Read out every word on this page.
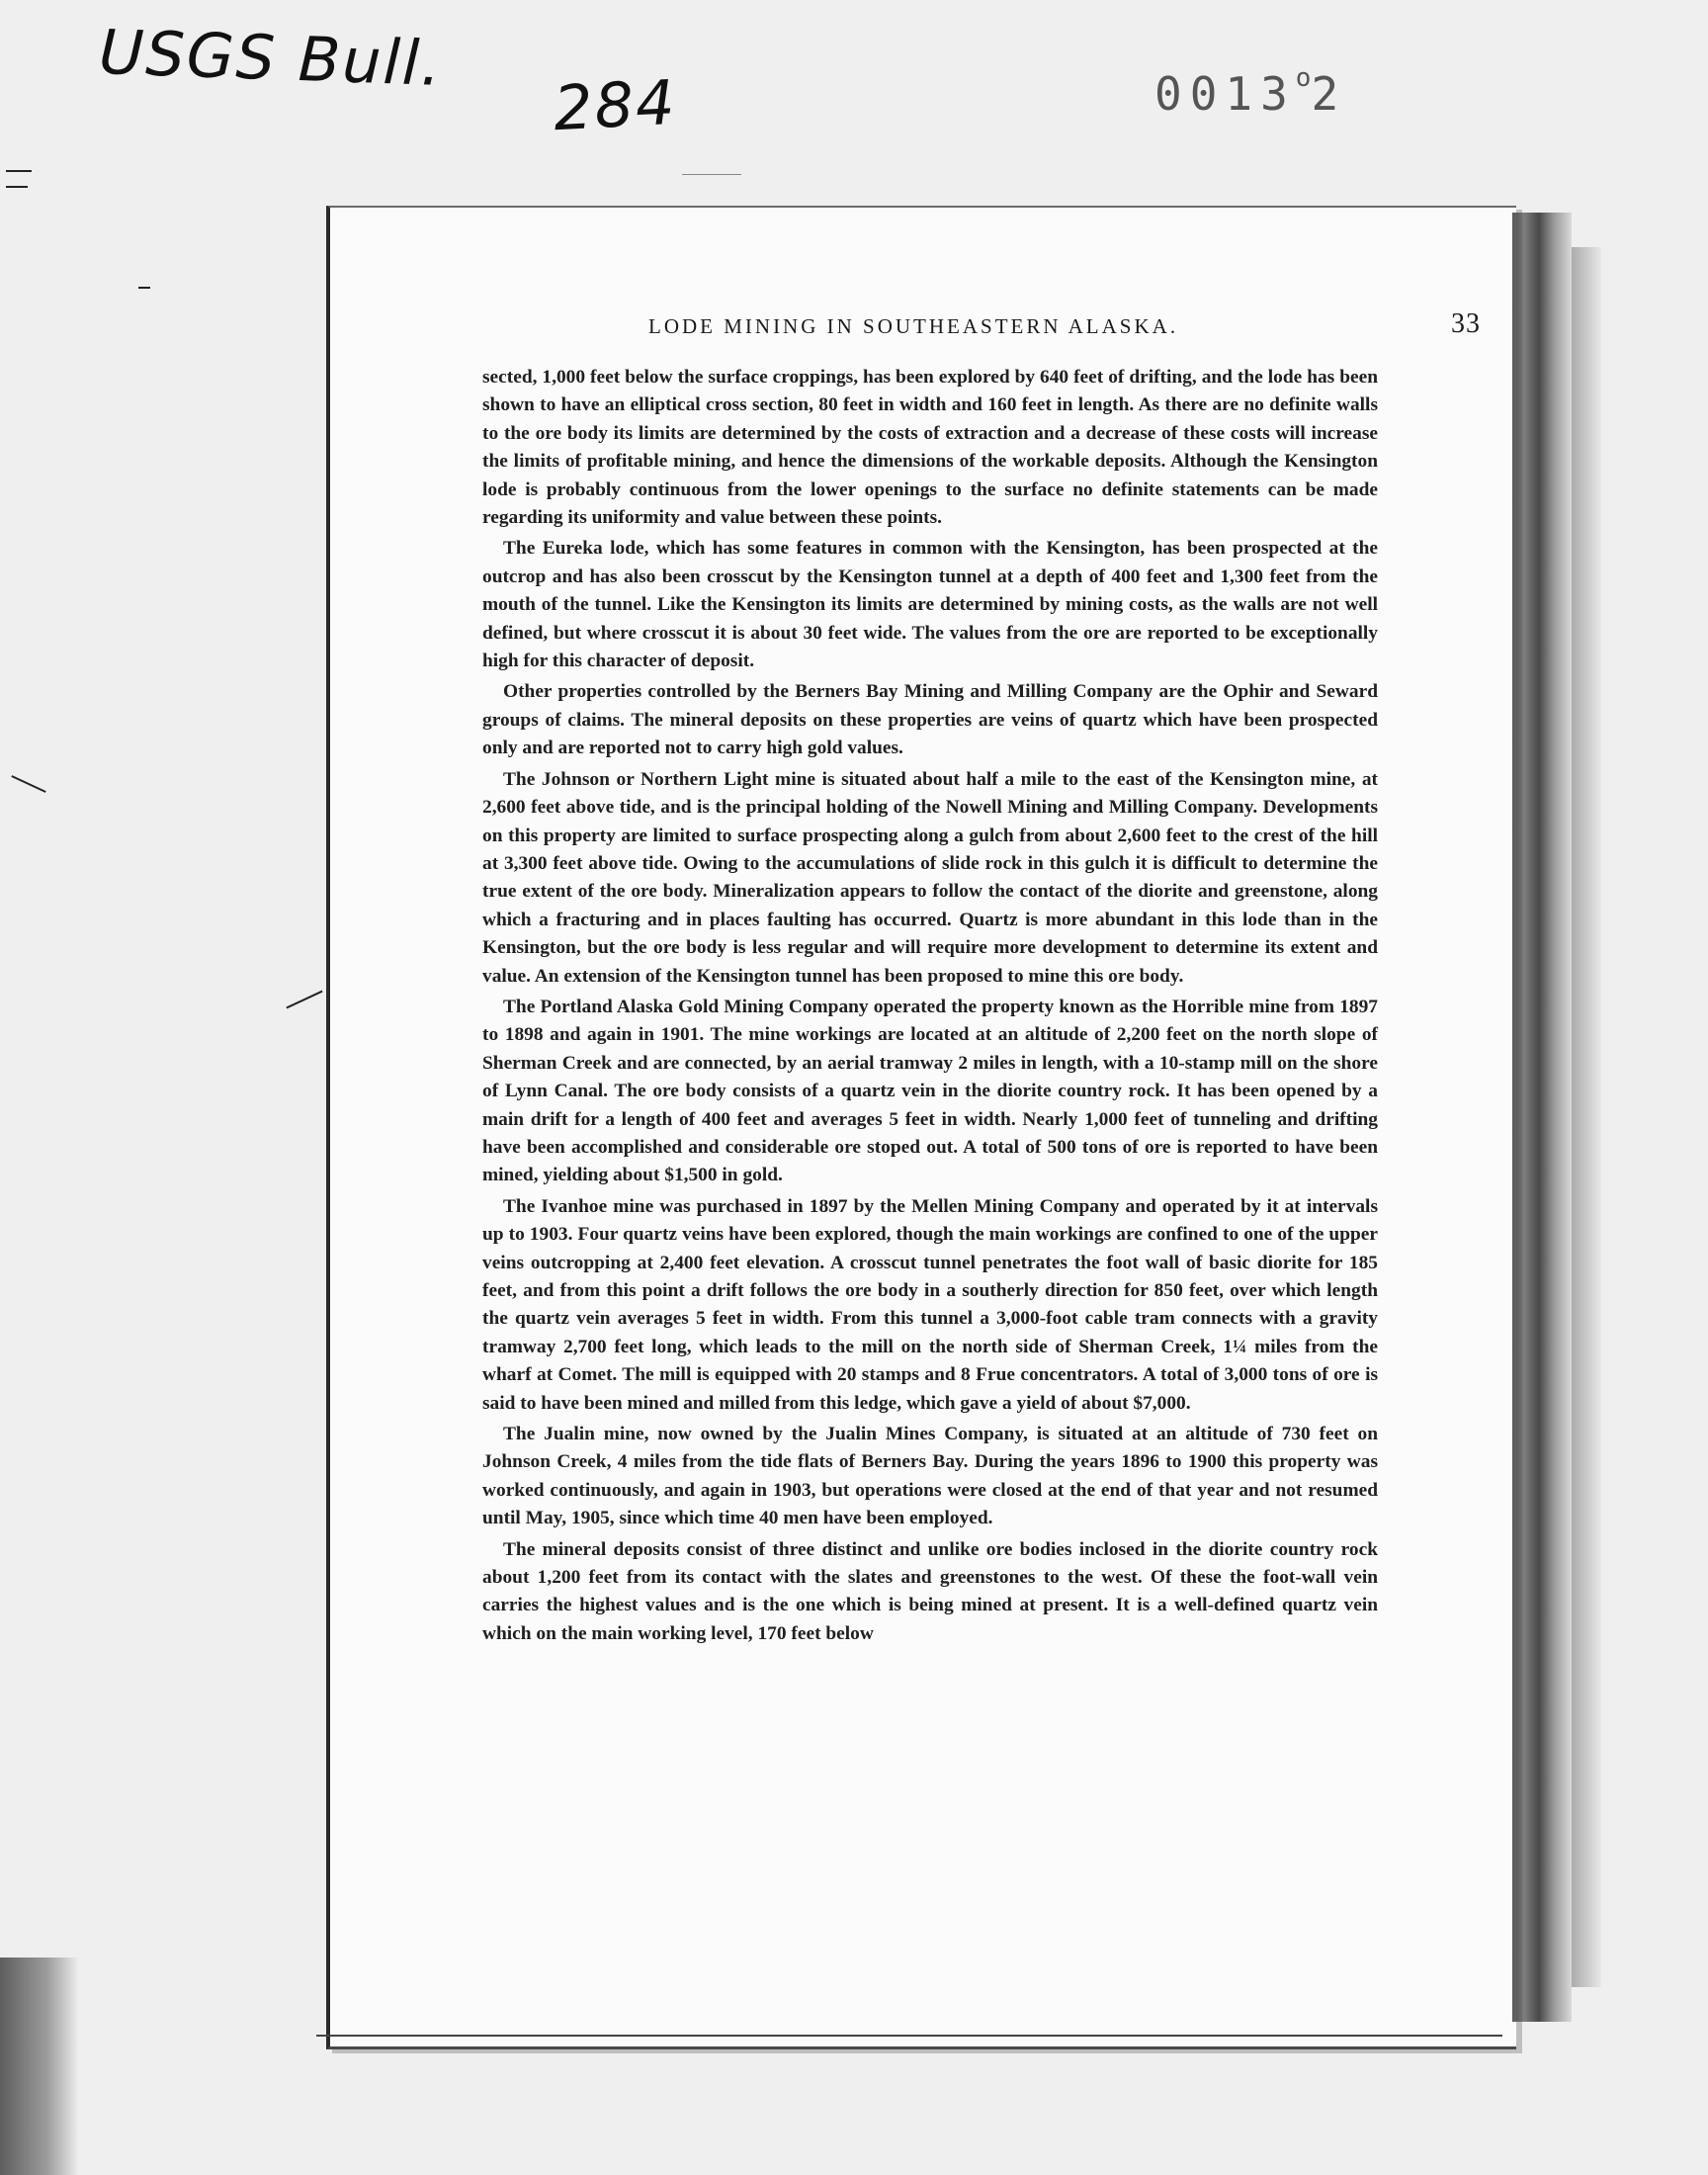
USGS Bull.
284	0013$^o$2
LODE MINING IN SOUTHEASTERN ALASKA.	33

sected, 1,000 feet below the surface croppings, has been explored by 640 feet of drifting, and the lode has been shown to have an elliptical cross section, 80 feet in width and 160 feet in length. As there are no definite walls to the ore body its limits are determined by the costs of extraction and a decrease of these costs will increase the limits of profitable mining, and hence the dimensions of the workable deposits. Although the Kensington lode is probably continuous from the lower openings to the surface no definite statements can be made regarding its uniformity and value between these points.

The Eureka lode, which has some features in common with the Kensington, has been prospected at the outcrop and has also been crosscut by the Kensington tunnel at a depth of 400 feet and 1,300 feet from the mouth of the tunnel. Like the Kensington its limits are determined by mining costs, as the walls are not well defined, but where crosscut it is about 30 feet wide. The values from the ore are reported to be exceptionally high for this character of deposit.

Other properties controlled by the Berners Bay Mining and Milling Company are the Ophir and Seward groups of claims. The mineral deposits on these properties are veins of quartz which have been prospected only and are reported not to carry high gold values.

The Johnson or Northern Light mine is situated about half a mile to the east of the Kensington mine, at 2,600 feet above tide, and is the principal holding of the Nowell Mining and Milling Company. Developments on this property are limited to surface prospecting along a gulch from about 2,600 feet to the crest of the hill at 3,300 feet above tide. Owing to the accumulations of slide rock in this gulch it is difficult to determine the true extent of the ore body. Mineralization appears to follow the contact of the diorite and greenstone, along which a fracturing and in places faulting has occurred. Quartz is more abundant in this lode than in the Kensington, but the ore body is less regular and will require more development to determine its extent and value. An extension of the Kensington tunnel has been proposed to mine this ore body.

The Portland Alaska Gold Mining Company operated the property known as the Horrible mine from 1897 to 1898 and again in 1901. The mine workings are located at an altitude of 2,200 feet on the north slope of Sherman Creek and are connected, by an aerial tramway 2 miles in length, with a 10-stamp mill on the shore of Lynn Canal. The ore body consists of a quartz vein in the diorite country rock. It has been opened by a main drift for a length of 400 feet and averages 5 feet in width. Nearly 1,000 feet of tunneling and drifting have been accomplished and considerable ore stoped out. A total of 500 tons of ore is reported to have been mined, yielding about $1,500 in gold.

The Ivanhoe mine was purchased in 1897 by the Mellen Mining Company and operated by it at intervals up to 1903. Four quartz veins have been explored, though the main workings are confined to one of the upper veins outcropping at 2,400 feet elevation. A crosscut tunnel penetrates the foot wall of basic diorite for 185 feet, and from this point a drift follows the ore body in a southerly direction for 850 feet, over which length the quartz vein averages 5 feet in width. From this tunnel a 3,000-foot cable tram connects with a gravity tramway 2,700 feet long, which leads to the mill on the north side of Sherman Creek, 1¼ miles from the wharf at Comet. The mill is equipped with 20 stamps and 8 Frue concentrators. A total of 3,000 tons of ore is said to have been mined and milled from this ledge, which gave a yield of about $7,000.

The Jualin mine, now owned by the Jualin Mines Company, is situated at an altitude of 730 feet on Johnson Creek, 4 miles from the tide flats of Berners Bay. During the years 1896 to 1900 this property was worked continuously, and again in 1903, but operations were closed at the end of that year and not resumed until May, 1905, since which time 40 men have been employed.

The mineral deposits consist of three distinct and unlike ore bodies inclosed in the diorite country rock about 1,200 feet from its contact with the slates and greenstones to the west. Of these the foot-wall vein carries the highest values and is the one which is being mined at present. It is a well-defined quartz vein which on the main working level, 170 feet below
